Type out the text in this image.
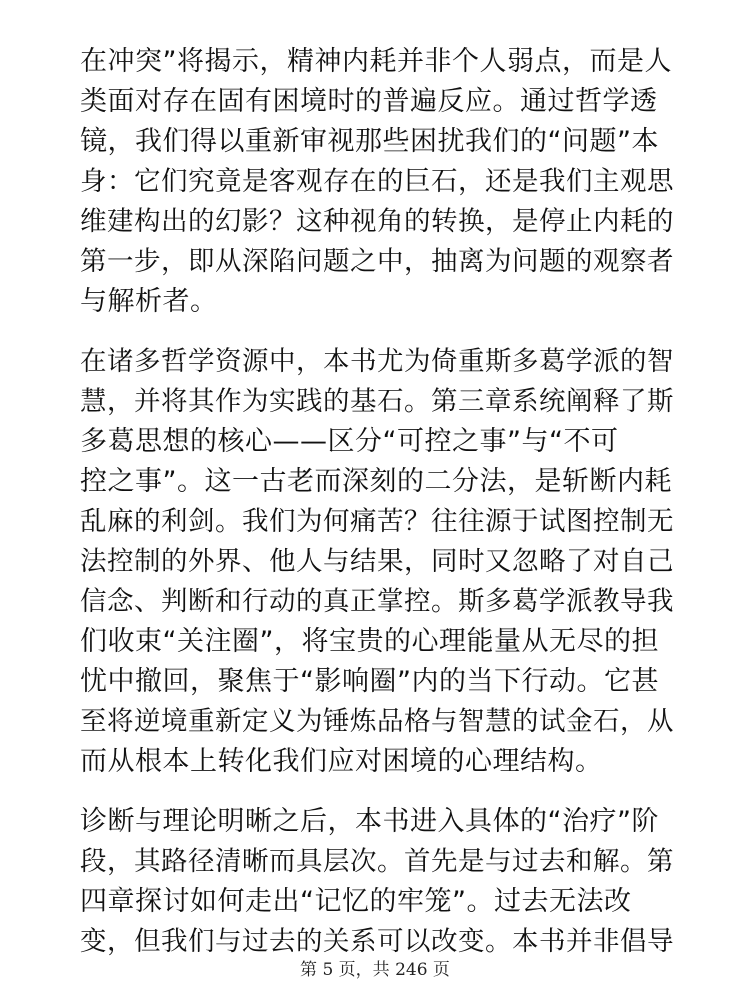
在冲突”将揭示，精神内耗并非个人弱点，而是人
类面对存在固有困境时的普遍反应。通过哲学透
镜，我们得以重新审视那些困扰我们的“问题”本
身：它们究竟是客观存在的巨石，还是我们主观思
维建构出的幻影？这种视角的转换，是停止内耗的
第一步，即从深陷问题之中，抽离为问题的观察者
与解析者。
在诸多哲学资源中，本书尤为倚重斯多葛学派的智
慧，并将其作为实践的基石。第三章系统阐释了斯
多葛思想的核心——区分“可控之事”与“不可
控之事”。这一古老而深刻的二分法，是斩断内耗
乱麻的利剑。我们为何痛苦？往往源于试图控制无
法控制的外界、他人与结果，同时又忽略了对自己
信念、判断和行动的真正掌控。斯多葛学派教导我
们收束“关注圈”，将宝贵的心理能量从无尽的担
忧中撤回，聚焦于“影响圈”内的当下行动。它甚
至将逆境重新定义为锤炼品格与智慧的试金石，从
而从根本上转化我们应对困境的心理结构。
诊断与理论明晰之后，本书进入具体的“治疗”阶
段，其路径清晰而具层次。首先是与过去和解。第
四章探讨如何走出“记忆的牢笼”。过去无法改
变，但我们与过去的关系可以改变。本书并非倡导
第 5 页，共 246 页
